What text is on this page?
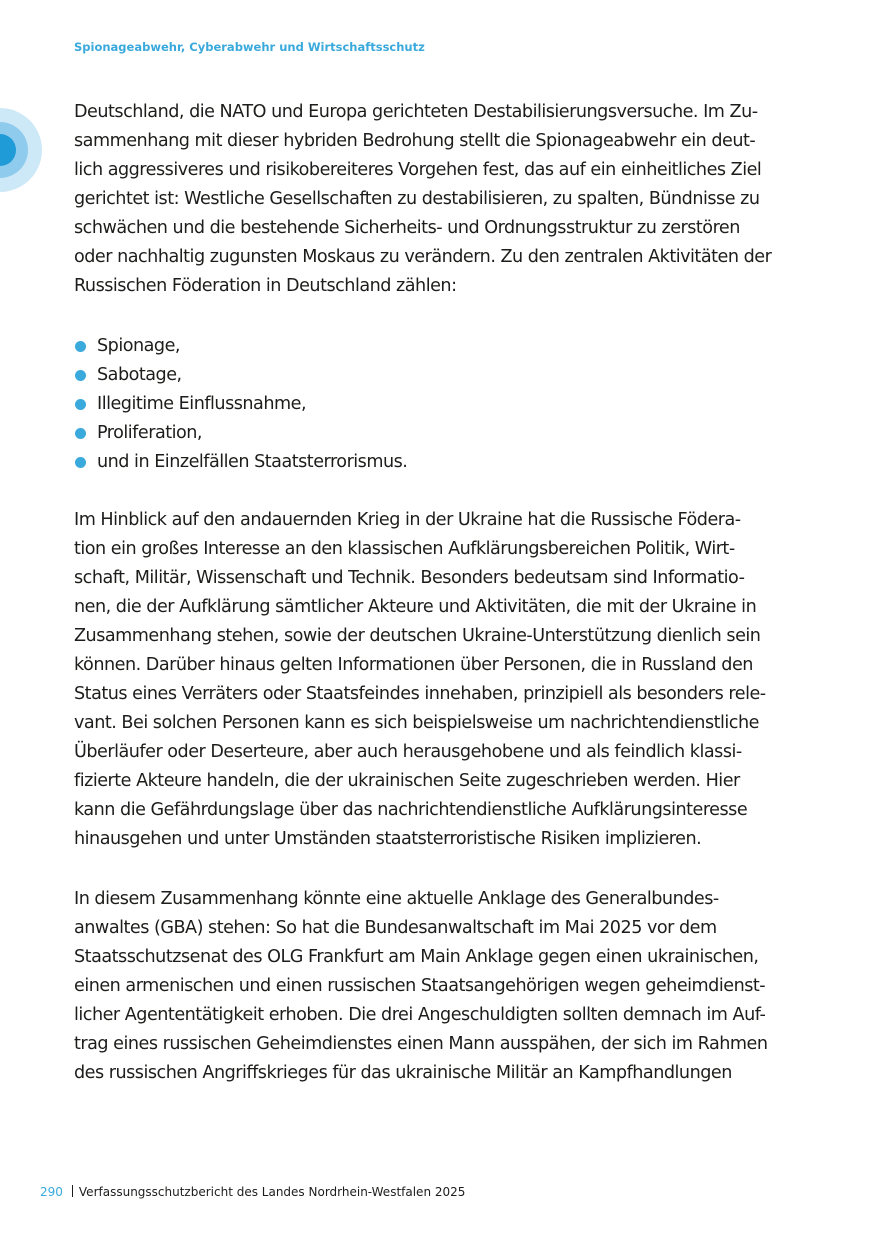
Spionageabwehr, Cyberabwehr und Wirtschaftsschutz

Deutschland, die NATO und Europa gerichteten Destabilisierungsversuche. Im Zu-

sammenhang mit dieser hybriden Bedrohung stellt die Spionageabwehr ein deut-

lich aggressiveres und risikobereiteres Vorgehen fest, das auf ein einheitliches Ziel

gerichtet ist: Westliche Gesellschaften zu destabilisieren, zu spalten, Bündnisse zu

schwächen und die bestehende Sicherheits- und Ordnungsstruktur zu zerstören

oder nachhaltig zugunsten Moskaus zu verändern. Zu den zentralen Aktivitäten der

Russischen Föderation in Deutschland zählen:

Spionage,
Sabotage,
Illegitime Einflussnahme,
Proliferation,
und in Einzelfällen Staatsterrorismus.

Im Hinblick auf den andauernden Krieg in der Ukraine hat die Russische Födera-

tion ein großes Interesse an den klassischen Aufklärungsbereichen Politik, Wirt-

schaft, Militär, Wissenschaft und Technik. Besonders bedeutsam sind Informatio-

nen, die der Aufklärung sämtlicher Akteure und Aktivitäten, die mit der Ukraine in

Zusammenhang stehen, sowie der deutschen Ukraine-Unterstützung dienlich sein

können. Darüber hinaus gelten Informationen über Personen, die in Russland den

Status eines Verräters oder Staatsfeindes innehaben, prinzipiell als besonders rele-

vant. Bei solchen Personen kann es sich beispielsweise um nachrichtendienstliche

Überläufer oder Deserteure, aber auch herausgehobene und als feindlich klassi-

fizierte Akteure handeln, die der ukrainischen Seite zugeschrieben werden. Hier

kann die Gefährdungslage über das nachrichtendienstliche Aufklärungsinteresse

hinausgehen und unter Umständen staatsterroristische Risiken implizieren.

In diesem Zusammenhang könnte eine aktuelle Anklage des Generalbundes-

anwaltes (GBA) stehen: So hat die Bundesanwaltschaft im Mai 2025 vor dem

Staatsschutzsenat des OLG Frankfurt am Main Anklage gegen einen ukrainischen,

einen armenischen und einen russischen Staatsangehörigen wegen geheimdienst-

licher Agententätigkeit erhoben. Die drei Angeschuldigten sollten demnach im Auf-

trag eines russischen Geheimdienstes einen Mann ausspähen, der sich im Rahmen

des russischen Angriffskrieges für das ukrainische Militär an Kampfhandlungen

290 Verfassungsschutzbericht des Landes Nordrhein-Westfalen 2025
